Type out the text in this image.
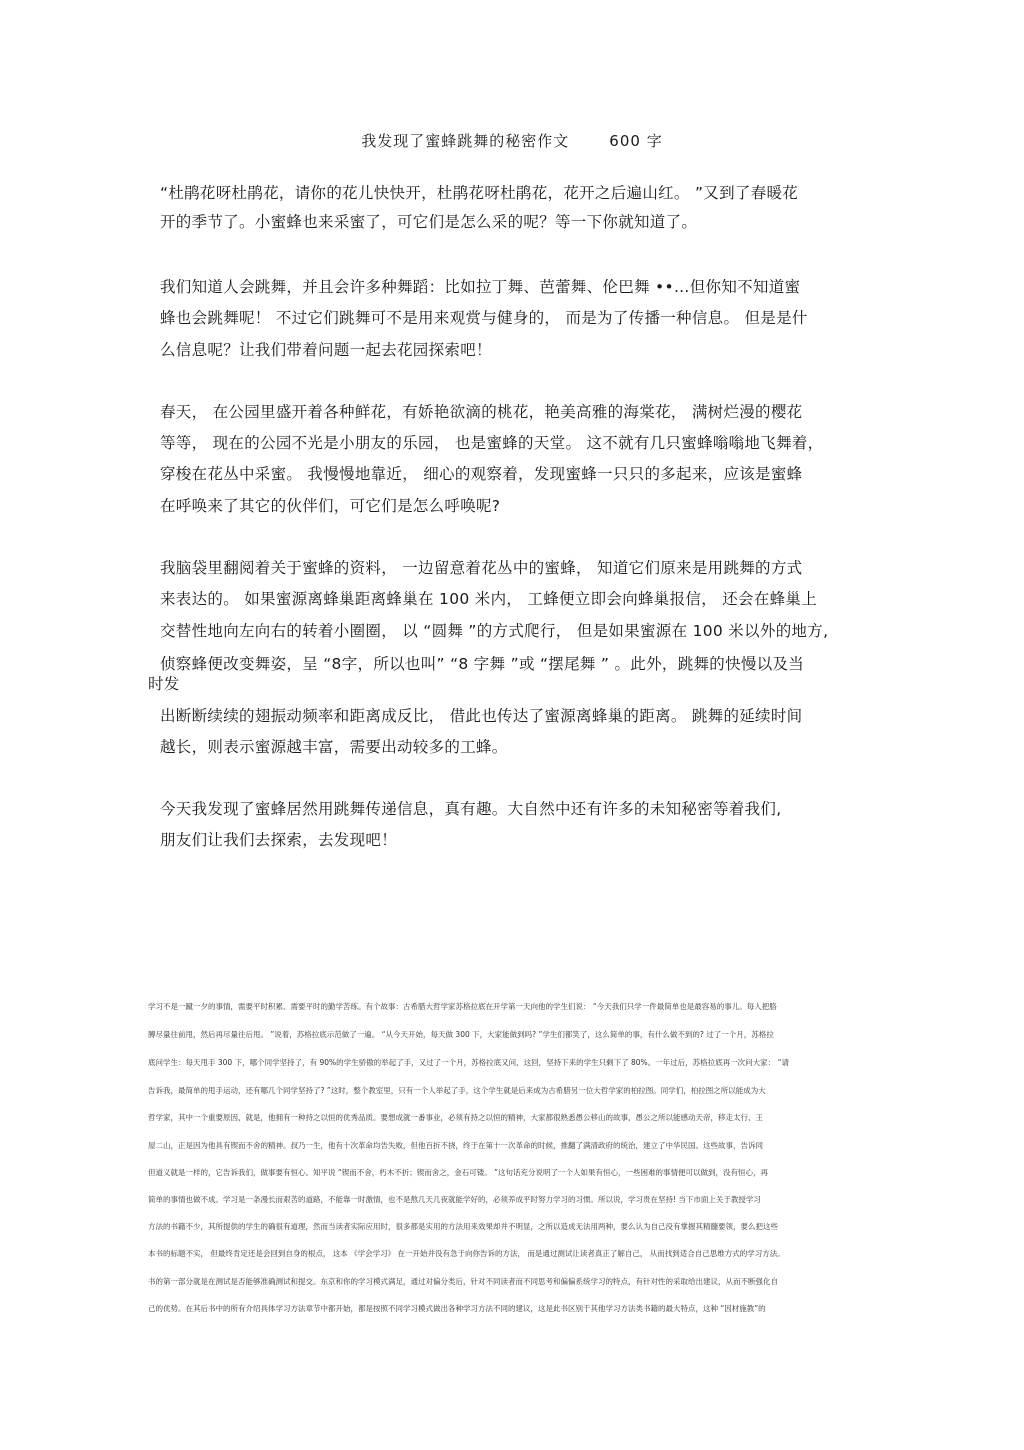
我发现了蜜蜂跳舞的秘密作文	600 字
“杜鹃花呀杜鹃花，请你的花儿快快开，杜鹃花呀杜鹃花，花开之后遍山红。 ”又到了春暖花
开的季节了。小蜜蜂也来采蜜了，可它们是怎么采的呢？等一下你就知道了。
我们知道人会跳舞，并且会许多种舞蹈：比如拉丁舞、芭蕾舞、伦巴舞 ••…但你知不知道蜜
蜂也会跳舞呢！ 不过它们跳舞可不是用来观赏与健身的， 而是为了传播一种信息。 但是是什
么信息呢？让我们带着问题一起去花园探索吧！
春天， 在公园里盛开着各种鲜花，有娇艳欲滴的桃花，艳美高雅的海棠花， 满树烂漫的樱花
等等， 现在的公园不光是小朋友的乐园， 也是蜜蜂的天堂。 这不就有几只蜜蜂嗡嗡地飞舞着，
穿梭在花丛中采蜜。 我慢慢地靠近， 细心的观察着，发现蜜蜂一只只的多起来，应该是蜜蜂
在呼唤来了其它的伙伴们，可它们是怎么呼唤呢?
我脑袋里翻阅着关于蜜蜂的资料， 一边留意着花丛中的蜜蜂， 知道它们原来是用跳舞的方式
来表达的。 如果蜜源离蜂巢距离蜂巢在 100 米内， 工蜂便立即会向蜂巢报信， 还会在蜂巢上
交替性地向左向右的转着小圈圈， 以 “圆舞 ”的方式爬行， 但是如果蜜源在 100 米以外的地方,
侦察蜂便改变舞姿，呈 “8字，所以也叫” “8 字舞 ”或 “摆尾舞 ” 。此外，跳舞的快慢以及当
时发
出断断续续的翅振动频率和距离成反比， 借此也传达了蜜源离蜂巢的距离。 跳舞的延续时间
越长，则表示蜜源越丰富，需要出动较多的工蜂。
今天我发现了蜜蜂居然用跳舞传递信息，真有趣。大自然中还有许多的未知秘密等着我们,
朋友们让我们去探索，去发现吧！
学习不是一蹴一夕的事情，需要平时积累、需要平时的勤学苦练。有个故事：古希腊大哲学家苏格拉底在开学第一天向他的学生们说： “今天我们只学一件最简单也是最容易的事儿。每人把胳
膊尽量往前甩，然后再尽量往后甩。 ”说着，苏格拉底示范做了一遍。 “从今天开始，每天做 300 下，大家能做到吗? ”学生们都笑了，这么简单的事，有什么做不到的? 过了一个月，苏格拉
底问学生：每天甩手 300 下，哪个同学坚持了，有 90%的学生骄傲的举起了手，又过了一个月，苏格拉底又问，这回，坚持下来的学生只剩下了 80%。一年过后，苏格拉底再一次问大家： “请
告诉我，最简单的甩手运动，还有哪几个同学坚持了? ”这时，整个教室里，只有一个人举起了手，这个学生就是后来成为古希腊另一位大哲学家的柏拉图。同学们，柏拉图之所以能成为大
哲学家，其中一个重要原因，就是，他拥有一种持之以恒的优秀品质。要想成就一番事业，必须有持之以恒的精神，大家都很熟悉愚公移山的故事，愚公之所以能感动天帝，移走太行、王
屋二山，正是因为他具有锲而不舍的精神。叔乃一生，他有十次革命均告失败，但他百折不挠，终于在第十一次革命的时候，推翻了满清政府的统治，建立了中华民国。这些故事，告诉同
但道义就是一样的，它告诉我们，做事要有恒心。知平说 “锲而不舍，朽木不折；锲而舍之，金石可镂。 ”这句话充分说明了一个人如果有恒心，一些困难的事情便可以做到，没有恒心，再
简单的事情也做不成。学习是一条漫长而艰苦的道路，不能靠一时激情，也不是熬几天几夜就能学好的，必须养成平时努力学习的习惯。所以说，学习贵在坚持! 当下市面上关于教授学习
方法的书籍不少，其所提供的学生的确很有道理，然而当读者实际应用时，很多都是实用的方法用来效果却并不明显，之所以造成无法用两种，要么认为自己没有掌握其精髓要领，要么把这些
本书的标题不实， 但最终肯定还是会回到自身的根点， 这本 《学会学习》 在一开始并没有急于向你告诉的方法， 而是通过测试让读者真正了解自己， 从而找到适合自己思维方式的学习方法。
书的第一部分就是在测试是否能够准确测试和提交。东京和你的学习模式满足，通过对偏分类后，针对不同读者而不同思考和偏偏系统学习的特点，有针对性的采取给出建议，从而不断强化自
己的优势。在其后书中的所有介绍具体学习方法章节中都开始，都是按照不同学习模式做出各种学习方法不同的建议，这是此书区别于其他学习方法类书籍的最大特点，这种 “因材施教”的
